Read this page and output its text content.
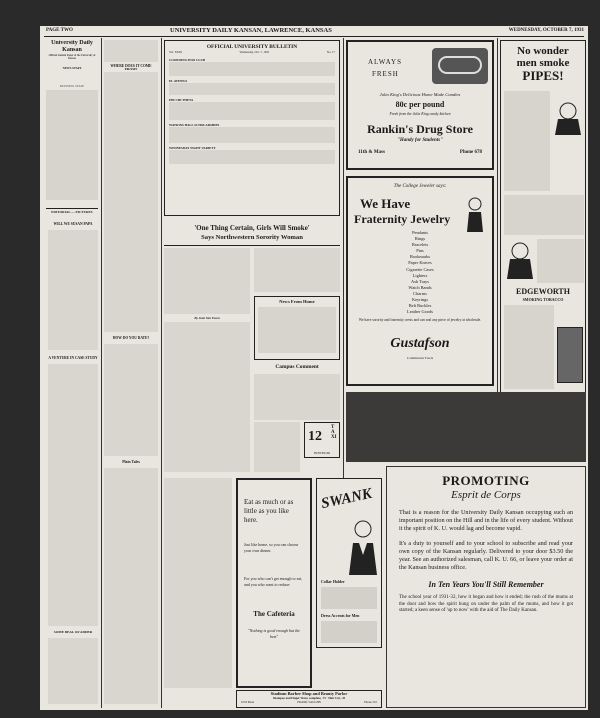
PAGE TWO	UNIVERSITY DAILY KANSAN, LAWRENCE, KANSAS	WEDNESDAY, OCTOBER 7, 1931
University Daily Kansan
Official Student Paper of the University of Kansas
NEWS STAFF
BUSINESS STAFF
EDITORIAL — PICTURES
WILL WE SUSAN PAPA
A VENTURE IN CASE STUDY
SOME DEAL OF ADDER
WHERE DOES IT COME FROM?
HOW DO YOU RATE?
Plain Tales
OFFICIAL UNIVERSITY BULLETIN
Vol. XXIX	Wednesday, Oct. 7, 1931	No. 17
COSMOPOLITAN CLUB
EL ATENEO
PHI CHI THETA
WATKINS HALL SCHOLARSHIPS
WEDNESDAY NIGHT VARIETY
'One Thing Certain, Girls Will Smoke'
Says Northwestern Sorority Woman
By Jean Van Essen
News From Home
Campus Comment
12
TAXI
HUNTINGER
Eat as much or as
little as you like
here.
Just like home, so you can choose your own dinner.
For you who can't get enough to eat, and you who want to reduce:
The Cafeteria
"Nothing is good enough but the best"
SWANK
Collar Holder
Dress Accents for Men
Stadium Barber Shop and Beauty Parlor
Shampoo and Finger Wave, complete, .75 · Hair Cut, .35
1033 Mass	FRANK VAUGHN	Phone 510
ALWAYS
FRESH
Julia King's Delicious Home Made Candies
80c per pound
Fresh from the Julia King candy kitchen
Rankin's Drug Store
"Handy for Students"
11th & Mass	Phone 678
The College Jeweler says:
We Have
Fraternity Jewelry
Pendants
Rings
Bracelets
Pins
Bookmarks
Paper Knives
Cigarette Cases
Lighters
Ash Trays
Watch Bands
Charms
Keyrings
Belt Buckles
Leather Goods
We have sorority and fraternity crests and can seal any piece of jewelry at wholesale.
Gustafson
Commission Tracts
No wonder
men smoke
PIPES!
EDGEWORTH
SMOKING TOBACCO
PROMOTING
Esprit de Corps
That is a reason for the University Daily Kansan occupying such an important position on the Hill and in the life of every student. Without it the spirit of K. U. would lag and become vapid.
It's a duty to yourself and to your school to subscribe and read your own copy of the Kansan regularly. Delivered to your door $3.50 the year. See an authorized salesman, call K. U. 66, or leave your order at the Kansan business office.
In Ten Years You'll Still Remember
The school year of 1931-32, how it began and how it ended; the rush of the mums at the door and how the spirit hung on under the palm of the mums, and how it got started; a keen sense of 'up to now' with the aid of The Daily Kansan.
